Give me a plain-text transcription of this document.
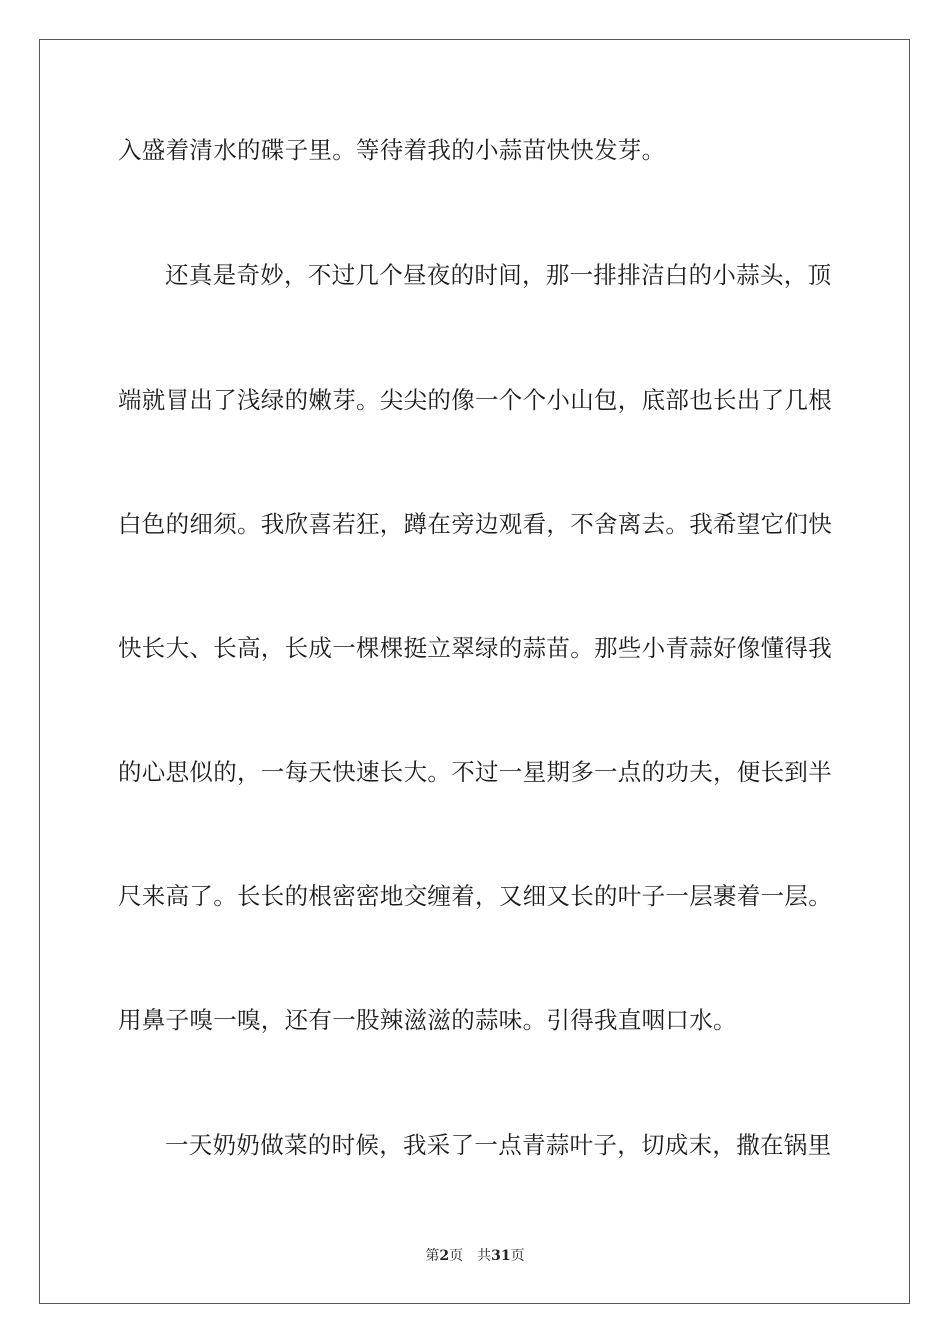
入盛着清水的碟子里。等待着我的小蒜苗快快发芽。
还真是奇妙，不过几个昼夜的时间，那一排排洁白的小蒜头，顶
端就冒出了浅绿的嫩芽。尖尖的像一个个小山包，底部也长出了几根
白色的细须。我欣喜若狂，蹲在旁边观看，不舍离去。我希望它们快
快长大、长高，长成一棵棵挺立翠绿的蒜苗。那些小青蒜好像懂得我
的心思似的，一每天快速长大。不过一星期多一点的功夫，便长到半
尺来高了。长长的根密密地交缠着，又细又长的叶子一层裹着一层。
用鼻子嗅一嗅，还有一股辣滋滋的蒜味。引得我直咽口水。
一天奶奶做菜的时候，我采了一点青蒜叶子，切成末，撒在锅里
第2页 共31页
